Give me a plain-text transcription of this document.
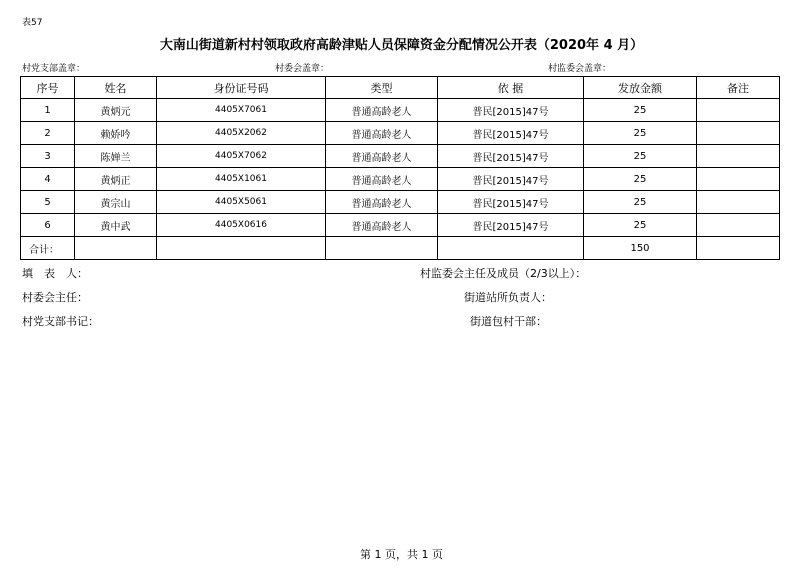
表57
大南山街道新村村领取政府高龄津贴人员保障资金分配情况公开表（2020年 4 月）
村党支部盖章：	村委会盖章：	村监委会盖章：
序号	姓名	身份证号码	类型	依 据	发放金额	备注
1	黄炳元	4405X7061	普通高龄老人	普民[2015]47号	25	
2	赖娇吟	4405X2062	普通高龄老人	普民[2015]47号	25	
3	陈婵兰	4405X7062	普通高龄老人	普民[2015]47号	25	
4	黄炳正	4405X1061	普通高龄老人	普民[2015]47号	25	
5	黄宗山	4405X5061	普通高龄老人	普民[2015]47号	25	
6	黄中武	4405X0616	普通高龄老人	普民[2015]47号	25	
合计：					150	
填　表　人：	村监委会主任及成员（2/3以上）：
村委会主任：	街道站所负责人：
村党支部书记：	街道包村干部：
第 1 页，共 1 页
